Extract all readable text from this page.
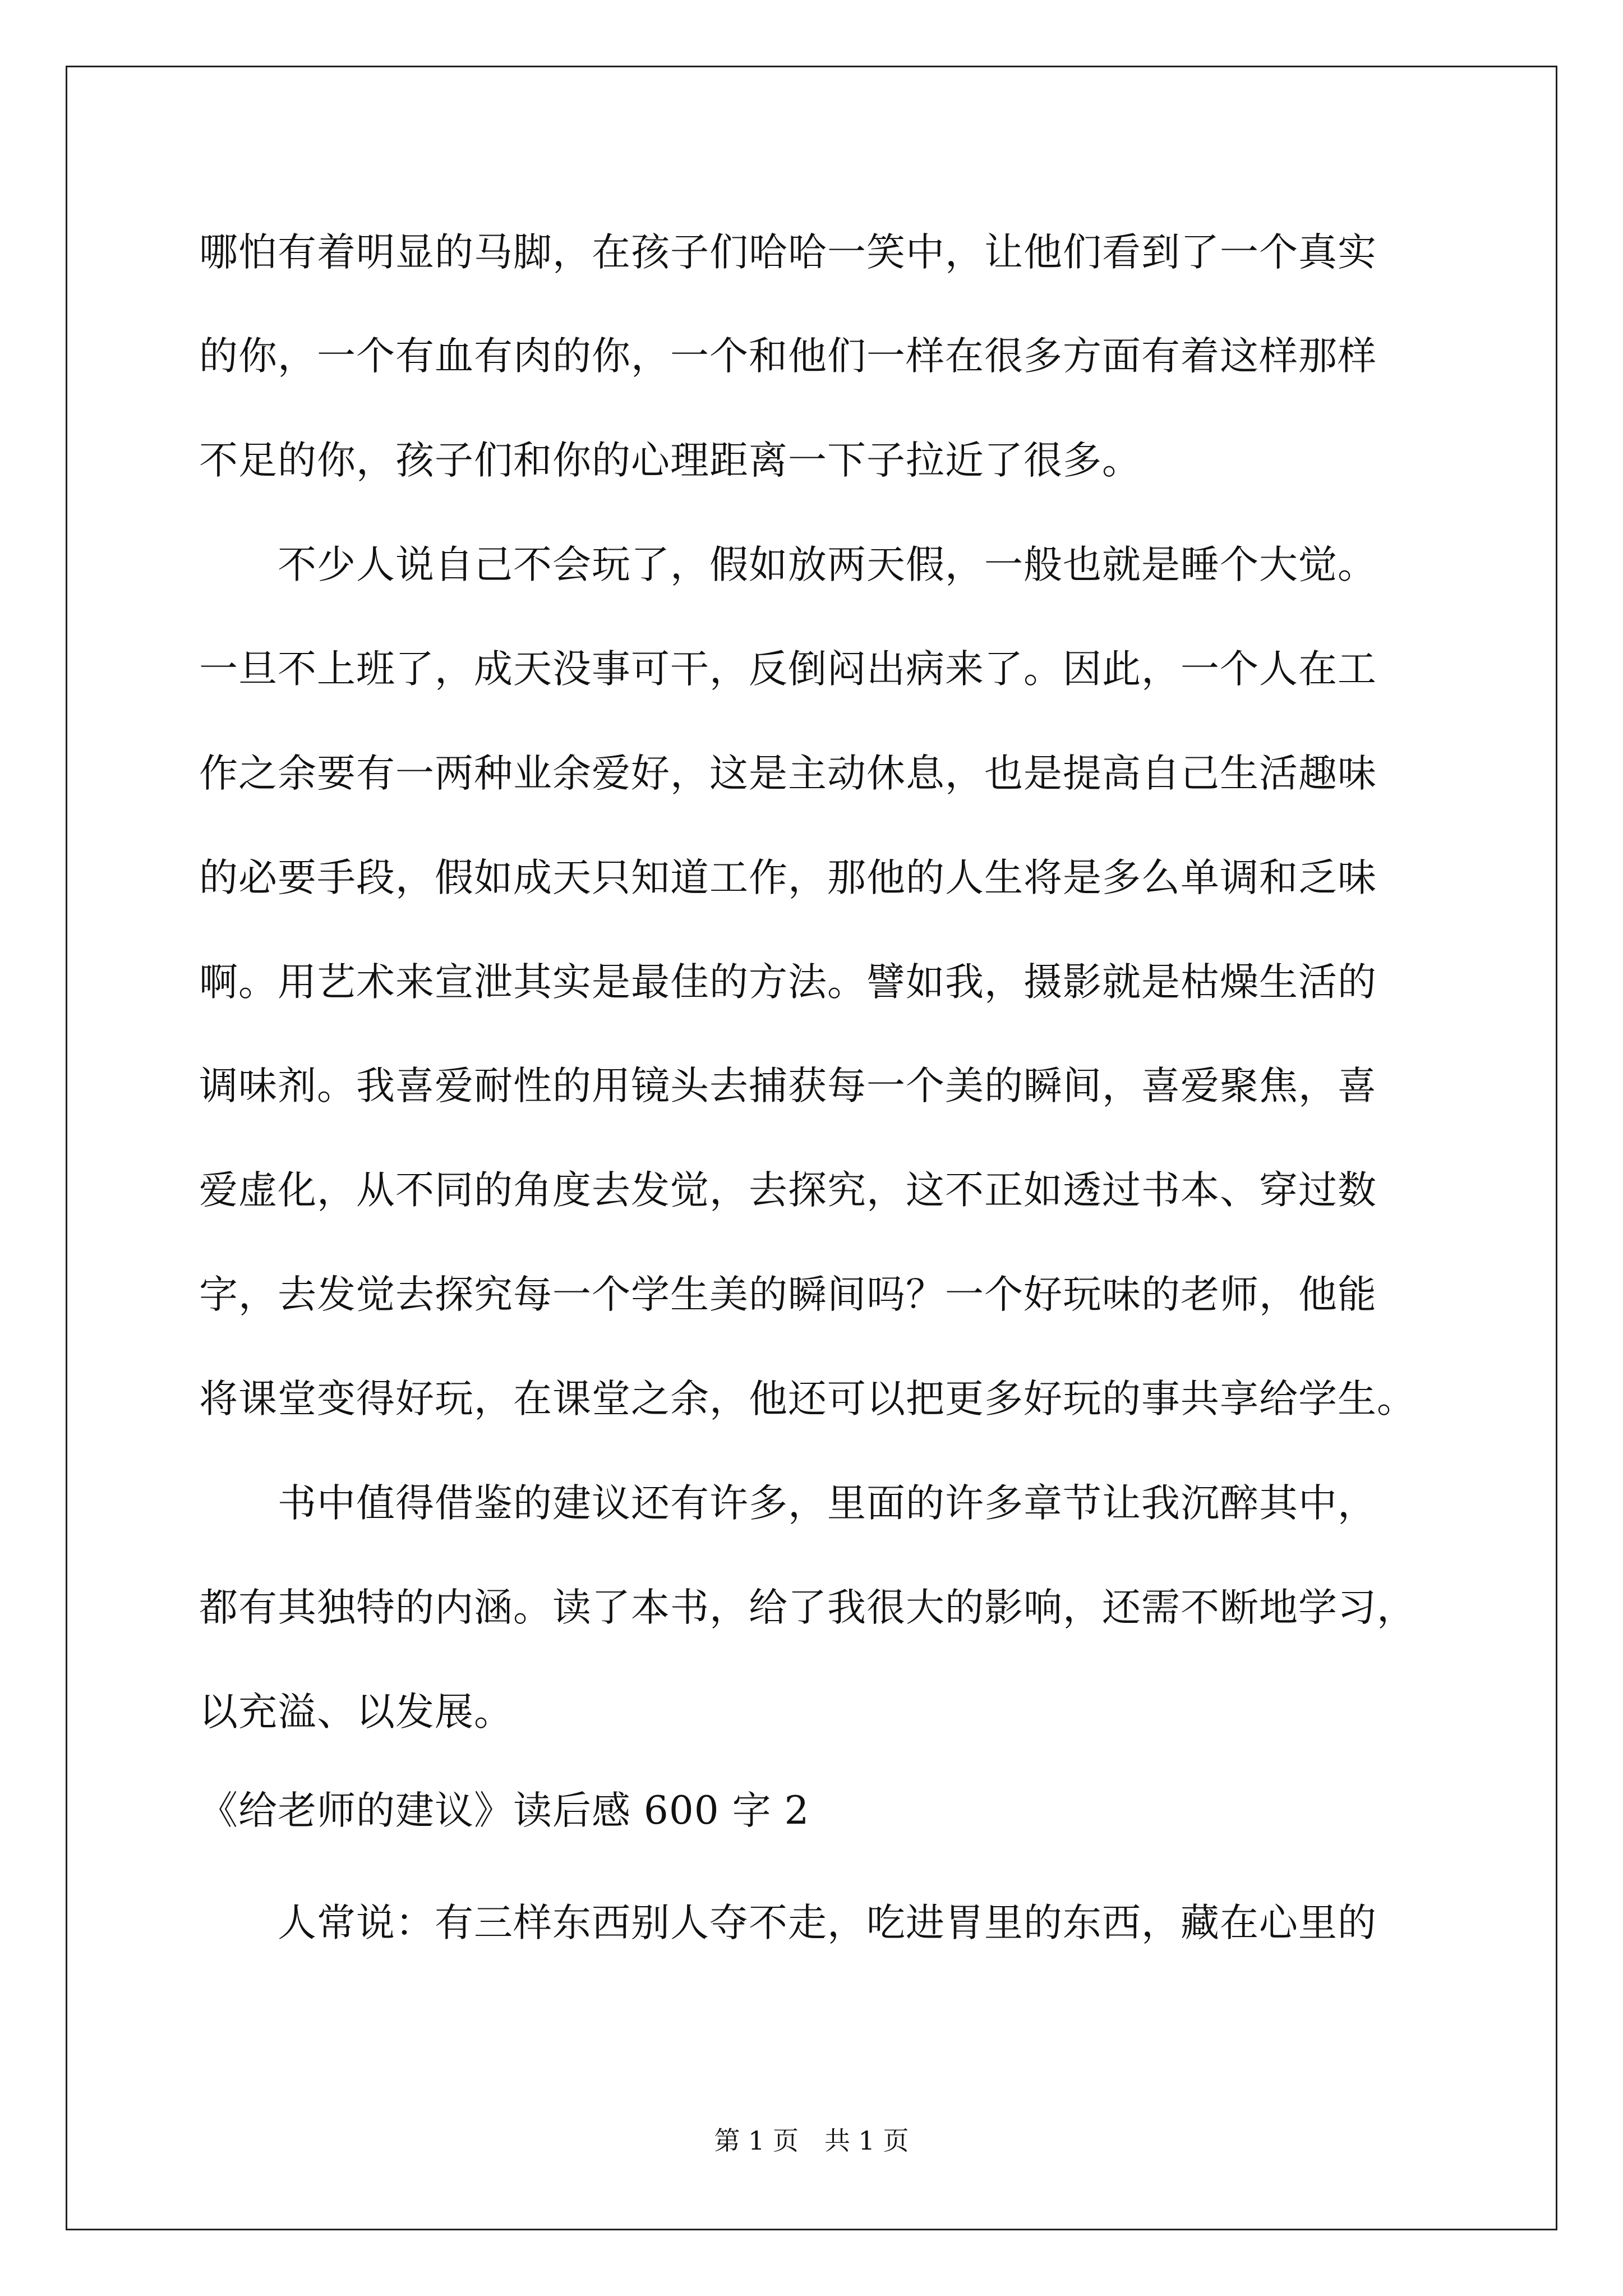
哪怕有着明显的马脚，在孩子们哈哈一笑中，让他们看到了一个真实
的你，一个有血有肉的你，一个和他们一样在很多方面有着这样那样
不足的你，孩子们和你的心理距离一下子拉近了很多。
　　不少人说自己不会玩了，假如放两天假，一般也就是睡个大觉。
一旦不上班了，成天没事可干，反倒闷出病来了。因此，一个人在工
作之余要有一两种业余爱好，这是主动休息，也是提高自己生活趣味
的必要手段，假如成天只知道工作，那他的人生将是多么单调和乏味
啊。用艺术来宣泄其实是最佳的方法。譬如我，摄影就是枯燥生活的
调味剂。我喜爱耐性的用镜头去捕获每一个美的瞬间，喜爱聚焦，喜
爱虚化，从不同的角度去发觉，去探究，这不正如透过书本、穿过数
字，去发觉去探究每一个学生美的瞬间吗？一个好玩味的老师，他能
将课堂变得好玩，在课堂之余，他还可以把更多好玩的事共享给学生。
　　书中值得借鉴的建议还有许多，里面的许多章节让我沉醉其中，
都有其独特的内涵。读了本书，给了我很大的影响，还需不断地学习，
以充溢、以发展。
《给老师的建议》读后感 600 字 2
　　人常说：有三样东西别人夺不走，吃进胃里的东西，藏在心里的
第 1 页　共 1 页
